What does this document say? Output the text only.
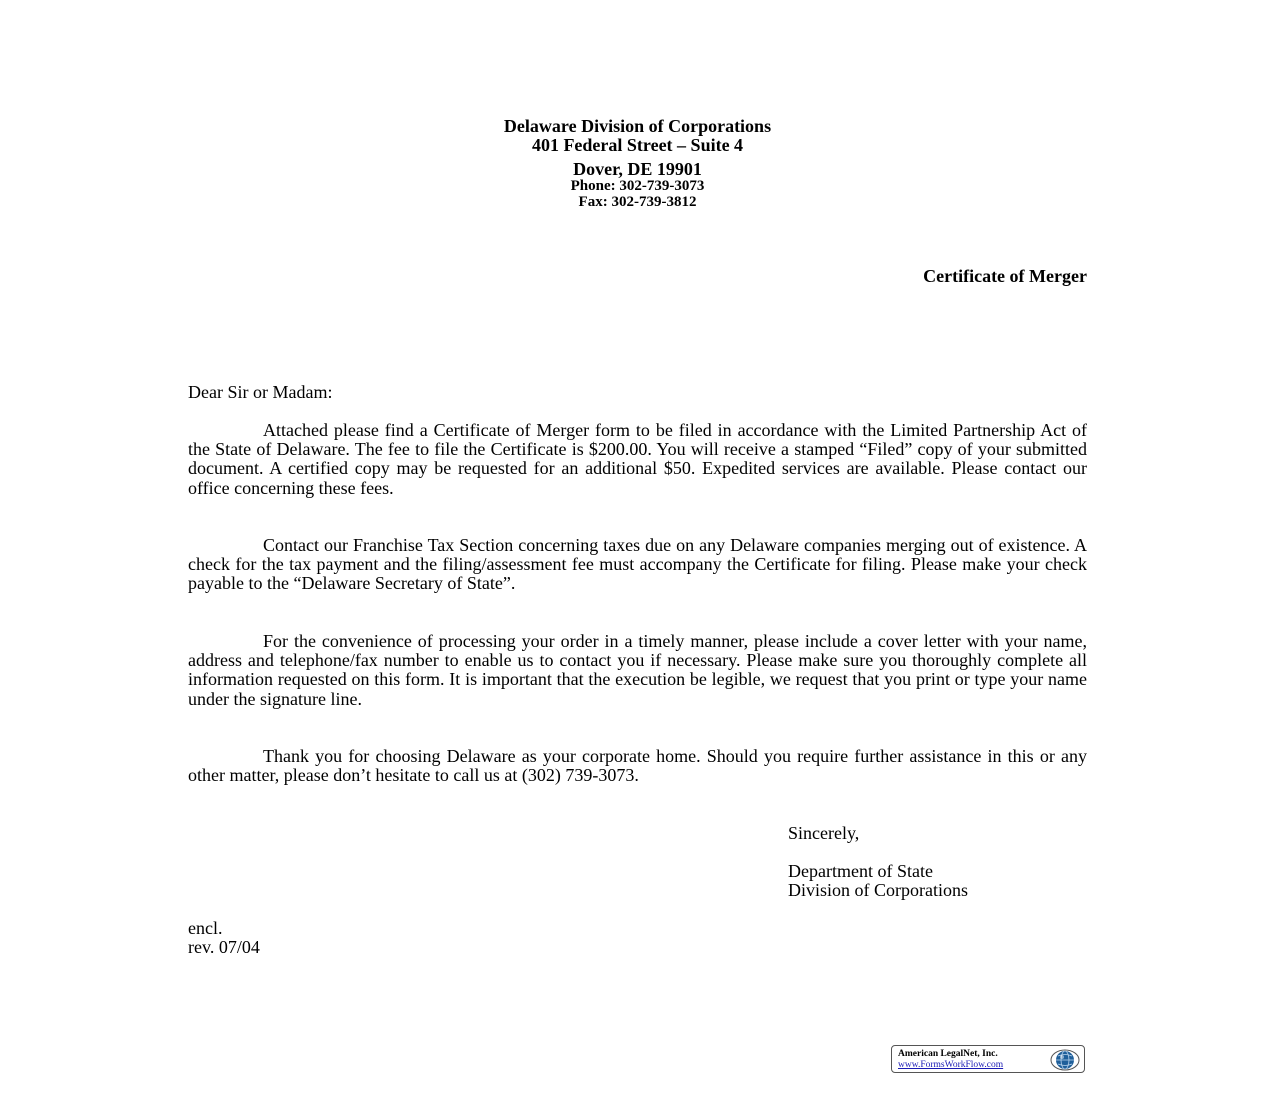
Delaware Division of Corporations
401 Federal Street – Suite 4
Dover, DE 19901
Phone: 302-739-3073
Fax: 302-739-3812
Certificate of Merger
Dear Sir or Madam:

Attached please find a Certificate of Merger form to be filed in accordance with the Limited Partnership Act of the State of Delaware. The fee to file the Certificate is $200.00. You will receive a stamped “Filed” copy of your submitted document. A certified copy may be requested for an additional $50. Expedited services are available. Please contact our office concerning these fees.

Contact our Franchise Tax Section concerning taxes due on any Delaware companies merging out of existence. A check for the tax payment and the filing/assessment fee must accompany the Certificate for filing. Please make your check payable to the “Delaware Secretary of State”.

For the convenience of processing your order in a timely manner, please include a cover letter with your name, address and telephone/fax number to enable us to contact you if necessary. Please make sure you thoroughly complete all information requested on this form. It is important that the execution be legible, we request that you print or type your name under the signature line.

Thank you for choosing Delaware as your corporate home. Should you require further assistance in this or any other matter, please don’t hesitate to call us at (302) 739-3073.

Sincerely,
Department of State
Division of Corporations
encl.
rev. 07/04
American LegalNet, Inc.
www.FormsWorkFlow.com
